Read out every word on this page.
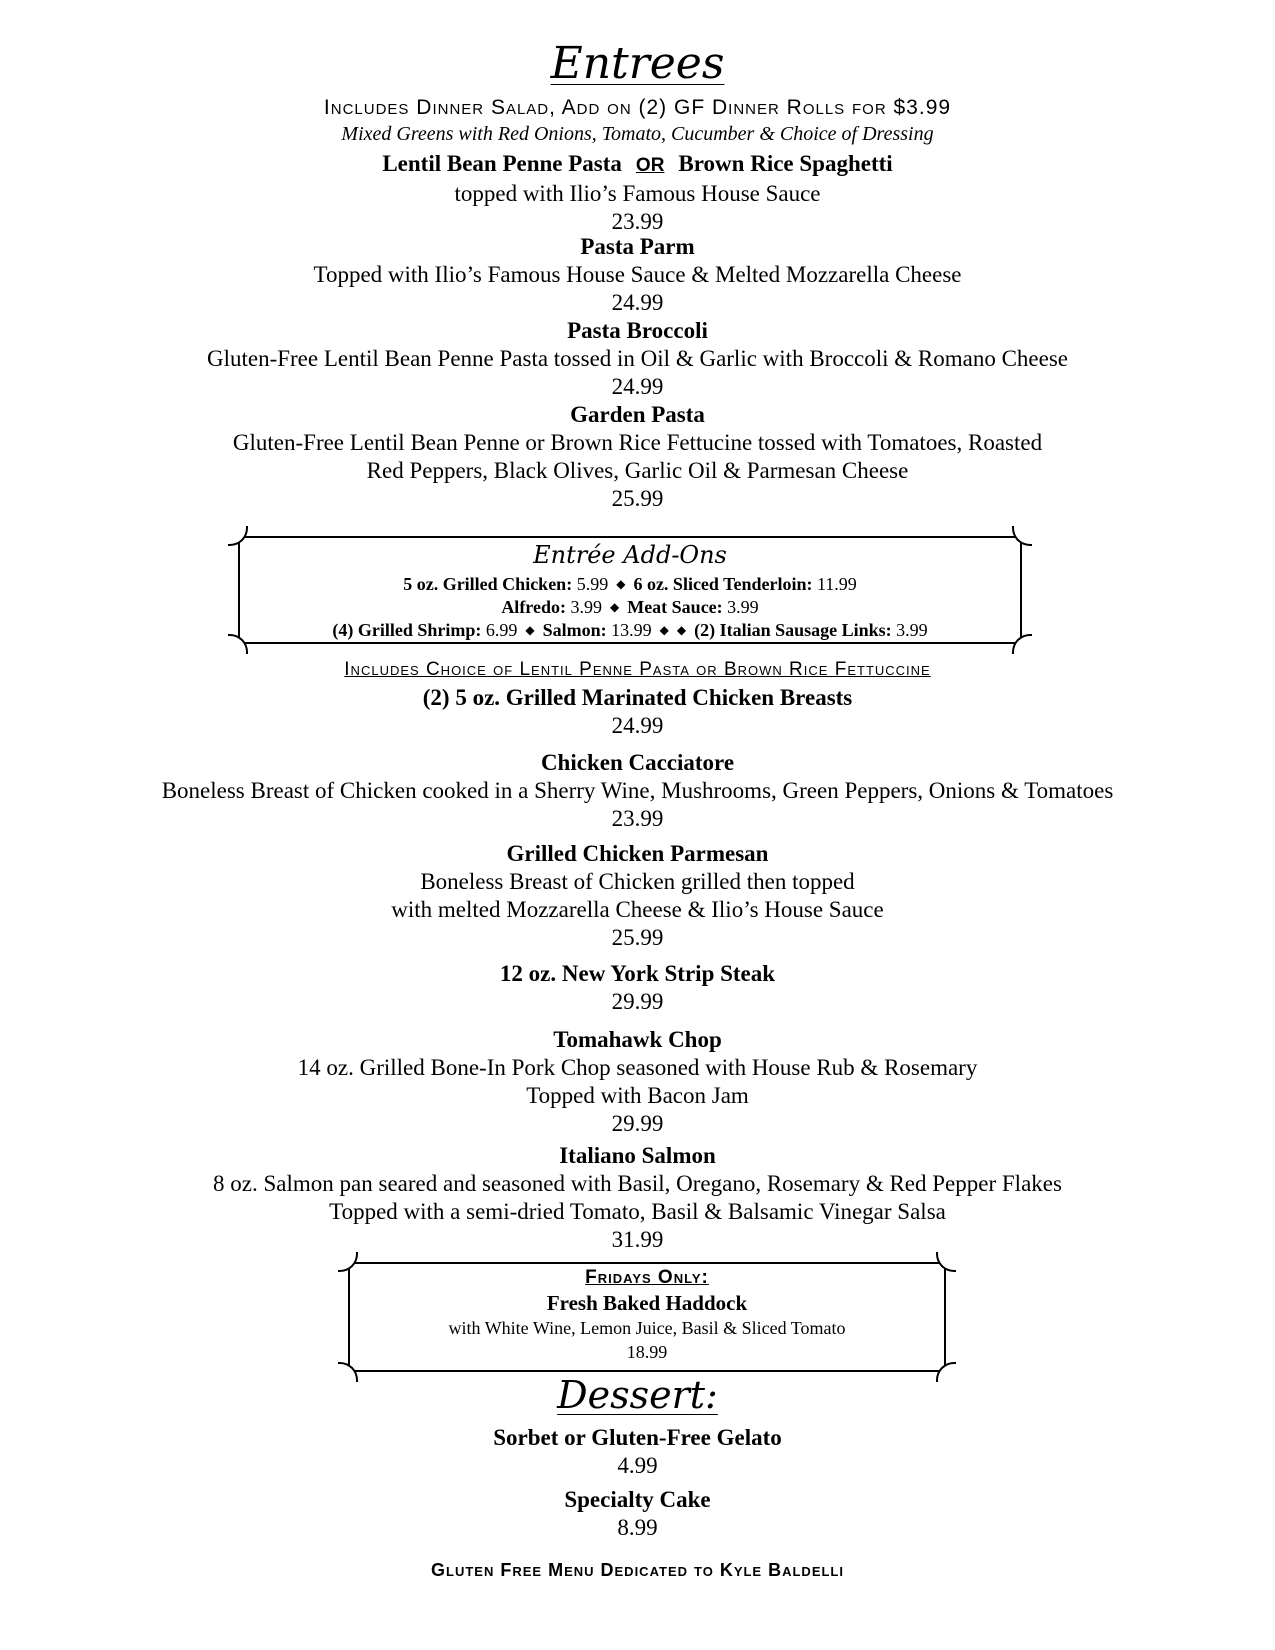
Entrees
Includes Dinner Salad, Add on (2) GF Dinner Rolls for $3.99
Mixed Greens with Red Onions, Tomato, Cucumber & Choice of Dressing
Lentil Bean Penne Pasta OR Brown Rice Spaghetti
topped with Ilio’s Famous House Sauce
23.99
Pasta Parm
Topped with Ilio’s Famous House Sauce & Melted Mozzarella Cheese
24.99
Pasta Broccoli
Gluten-Free Lentil Bean Penne Pasta tossed in Oil & Garlic with Broccoli & Romano Cheese
24.99
Garden Pasta
Gluten-Free Lentil Bean Penne or Brown Rice Fettucine tossed with Tomatoes, Roasted
Red Peppers, Black Olives, Garlic Oil & Parmesan Cheese
25.99
Entrée Add-Ons
5 oz. Grilled Chicken: 5.99 ◆ 6 oz. Sliced Tenderloin: 11.99
Alfredo: 3.99 ◆ Meat Sauce: 3.99
(4) Grilled Shrimp: 6.99 ◆ Salmon: 13.99 ◆ ◆ (2) Italian Sausage Links: 3.99
Includes Choice of Lentil Penne Pasta or Brown Rice Fettuccine
(2) 5 oz. Grilled Marinated Chicken Breasts
24.99
Chicken Cacciatore
Boneless Breast of Chicken cooked in a Sherry Wine, Mushrooms, Green Peppers, Onions & Tomatoes
23.99
Grilled Chicken Parmesan
Boneless Breast of Chicken grilled then topped
with melted Mozzarella Cheese & Ilio’s House Sauce
25.99
12 oz. New York Strip Steak
29.99
Tomahawk Chop
14 oz. Grilled Bone-In Pork Chop seasoned with House Rub & Rosemary
Topped with Bacon Jam
29.99
Italiano Salmon
8 oz. Salmon pan seared and seasoned with Basil, Oregano, Rosemary & Red Pepper Flakes
Topped with a semi-dried Tomato, Basil & Balsamic Vinegar Salsa
31.99
Fridays Only:
Fresh Baked Haddock
with White Wine, Lemon Juice, Basil & Sliced Tomato
18.99
Dessert:
Sorbet or Gluten-Free Gelato
4.99
Specialty Cake
8.99
Gluten Free Menu Dedicated to Kyle Baldelli
